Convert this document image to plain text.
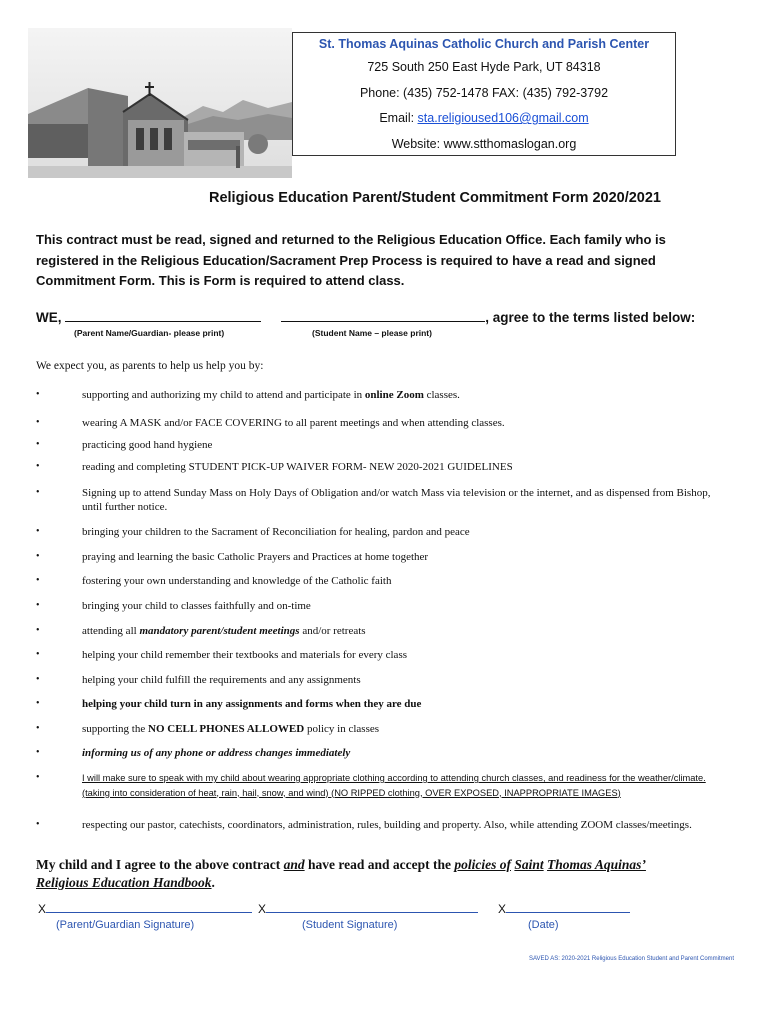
St. Thomas Aquinas Catholic Church and Parish Center
725 South 250 East Hyde Park, UT 84318
Phone: (435) 752-1478 FAX: (435) 792-3792
Email: sta.religioused106@gmail.com
Website: www.stthomaslogan.org
Religious Education Parent/Student Commitment Form 2020/2021
This contract must be read, signed and returned to the Religious Education Office. Each family who is registered in the Religious Education/Sacrament Prep Process is required to have a read and signed Commitment Form. This is Form is required to attend class.
WE,	, agree to the terms listed below:
(Parent Name/Guardian- please print)	(Student Name – please print)
We expect you, as parents to help us help you by:
•	supporting and authorizing my child to attend and participate in online Zoom classes.
•	wearing A MASK and/or FACE COVERING to all parent meetings and when attending classes.
•	practicing good hand hygiene
•	reading and completing STUDENT PICK-UP WAIVER FORM- NEW 2020-2021 GUIDELINES
•	Signing up to attend Sunday Mass on Holy Days of Obligation and/or watch Mass via television or the internet, and as dispensed from Bishop, until further notice.
•	bringing your children to the Sacrament of Reconciliation for healing, pardon and peace
•	praying and learning the basic Catholic Prayers and Practices at home together
•	fostering your own understanding and knowledge of the Catholic faith
•	bringing your child to classes faithfully and on-time
•	attending all mandatory parent/student meetings and/or retreats
•	helping your child remember their textbooks and materials for every class
•	helping your child fulfill the requirements and any assignments
•	helping your child turn in any assignments and forms when they are due
•	supporting the NO CELL PHONES ALLOWED policy in classes
•	informing us of any phone or address changes immediately
•	I will make sure to speak with my child about wearing appropriate clothing according to attending church classes, and readiness for the weather/climate. (taking into consideration of heat, rain, hail, snow, and wind) (NO RIPPED clothing, OVER EXPOSED, INAPPROPRIATE IMAGES)
•	respecting our pastor, catechists, coordinators, administration, rules, building and property. Also, while attending ZOOM classes/meetings.
My child and I agree to the above contract and have read and accept the policies of Saint Thomas Aquinas’
Religious Education Handbook.
X	X	X
(Parent/Guardian Signature)	(Student Signature)	(Date)
SAVED AS: 2020-2021 Religious Education Student and Parent Commitment
